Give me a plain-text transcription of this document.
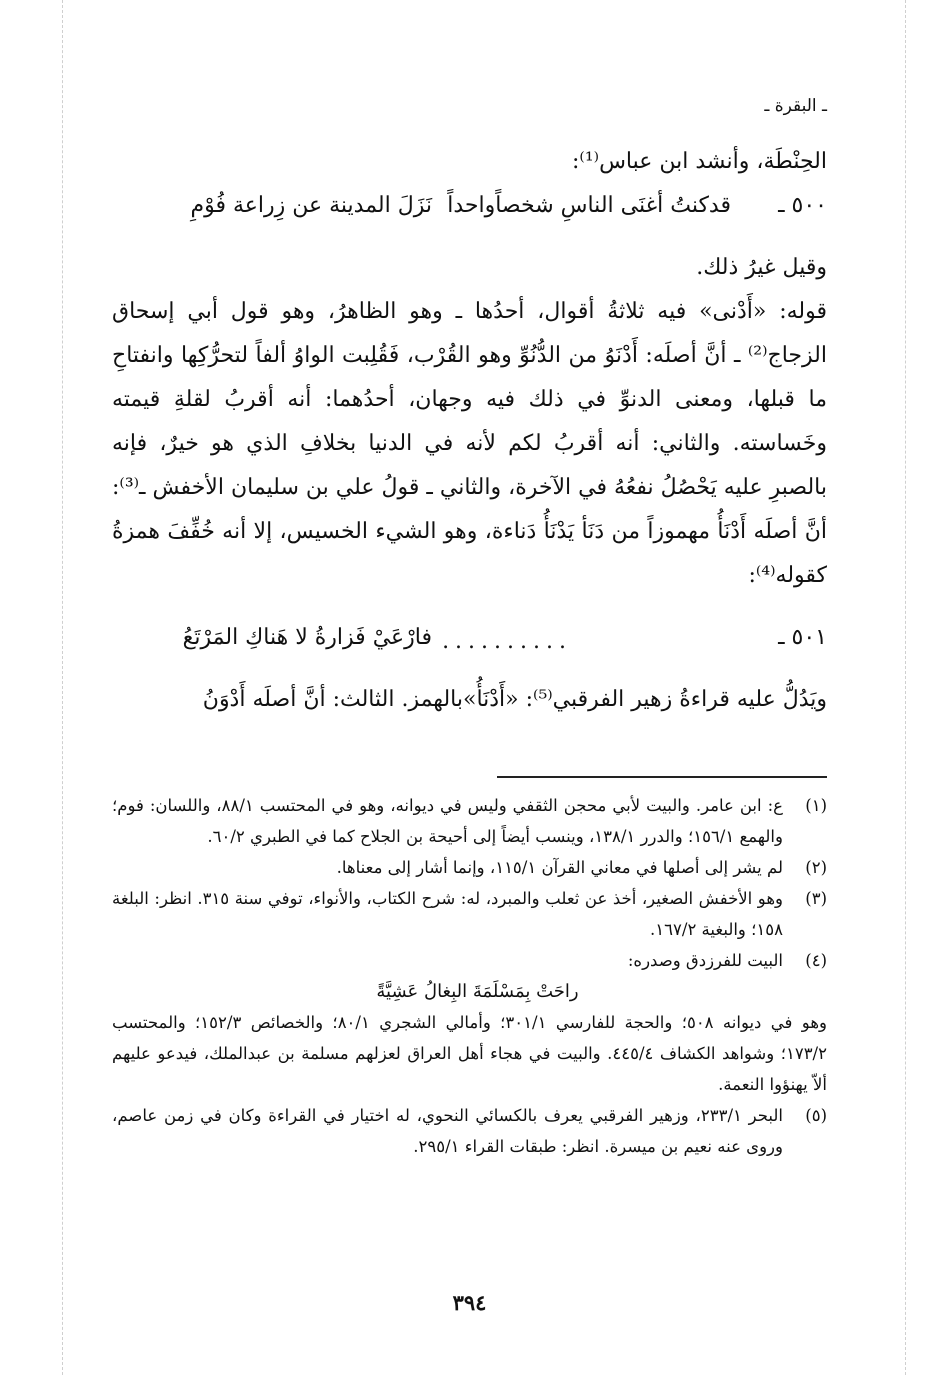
ـ البقرة ـ

الحِنْطَة، وأنشد ابن عباس⁽¹⁾:

٥٠٠ ـ
قدكنتُ أغنَى الناسِ شخصاًواحداً
نَزَلَ المدينة عن زِراعة فُوْمِ

وقيل غيرُ ذلك.

قوله: «أَدْنى» فيه ثلاثةُ أقوال، أحدُها ـ وهو الظاهرُ، وهو قول أبي إسحاق الزجاج⁽²⁾ ـ أنَّ أصلَه: أَدْنَوُ من الدُّنُوِّ وهو القُرْب، فَقُلِبت الواوُ ألفاً لتحرُّكِها وانفتاحِ ما قبلها، ومعنى الدنوِّ في ذلك فيه وجهان، أحدُهما: أنه أقربُ لقلةِ قيمته وخَساسته. والثاني: أنه أقربُ لكم لأنه في الدنيا بخلافِ الذي هو خيرٌ، فإنه بالصبرِ عليه يَحْصُلُ نفعُهُ في الآخرة، والثاني ـ قولُ علي بن سليمان الأخفش ـ⁽³⁾: أنَّ أصلَه أَدْنَأُ مهموزاً من دَنَأ يَدْنَأُ دَناءة، وهو الشيء الخسيس، إلا أنه خُفِّفَ همزةُ كقوله⁽⁴⁾:

٥٠١ ـ
..........
فارْعَيْ فَزارةُ لا هَناكِ المَرْتَعُ

ويَدُلُّ عليه قراءةُ زهير الفرقبي⁽⁵⁾: «أَدْنَأُ»بالهمز. الثالث: أنَّ أصلَه أَدْوَنُ

(١)

ع: ابن عامر. والبيت لأبي محجن الثقفي وليس في ديوانه، وهو في المحتسب ٨٨/١، واللسان: فوم؛ والهمع ١٥٦/١؛ والدرر ١٣٨/١، وينسب أيضاً إلى أحيحة بن الجلاح كما في الطبري ٦٠/٢.

(٢)

لم يشر إلى أصلها في معاني القرآن ١١٥/١، وإنما أشار إلى معناها.

(٣)

وهو الأخفش الصغير، أخذ عن ثعلب والمبرد، له: شرح الكتاب، والأنواء، توفي سنة ٣١٥. انظر: البلغة ١٥٨؛ والبغية ١٦٧/٢.

(٤)

البيت للفرزدق وصدره:

راحَتْ بِمَسْلَمَةَ البِغالُ عَشِيَّةً

وهو في ديوانه ٥٠٨؛ والحجة للفارسي ٣٠١/١؛ وأمالي الشجري ٨٠/١؛ والخصائص ١٥٢/٣؛ والمحتسب ١٧٣/٢؛ وشواهد الكشاف ٤٤٥/٤. والبيت في هجاء أهل العراق لعزلهم مسلمة بن عبدالملك، فيدعو عليهم ألاّ يهنؤوا النعمة.

(٥)

البحر ٢٣٣/١، وزهير الفرقبي يعرف بالكسائي النحوي، له اختيار في القراءة وكان في زمن عاصم، وروى عنه نعيم بن ميسرة. انظر: طبقات القراء ٢٩٥/١.

٣٩٤
